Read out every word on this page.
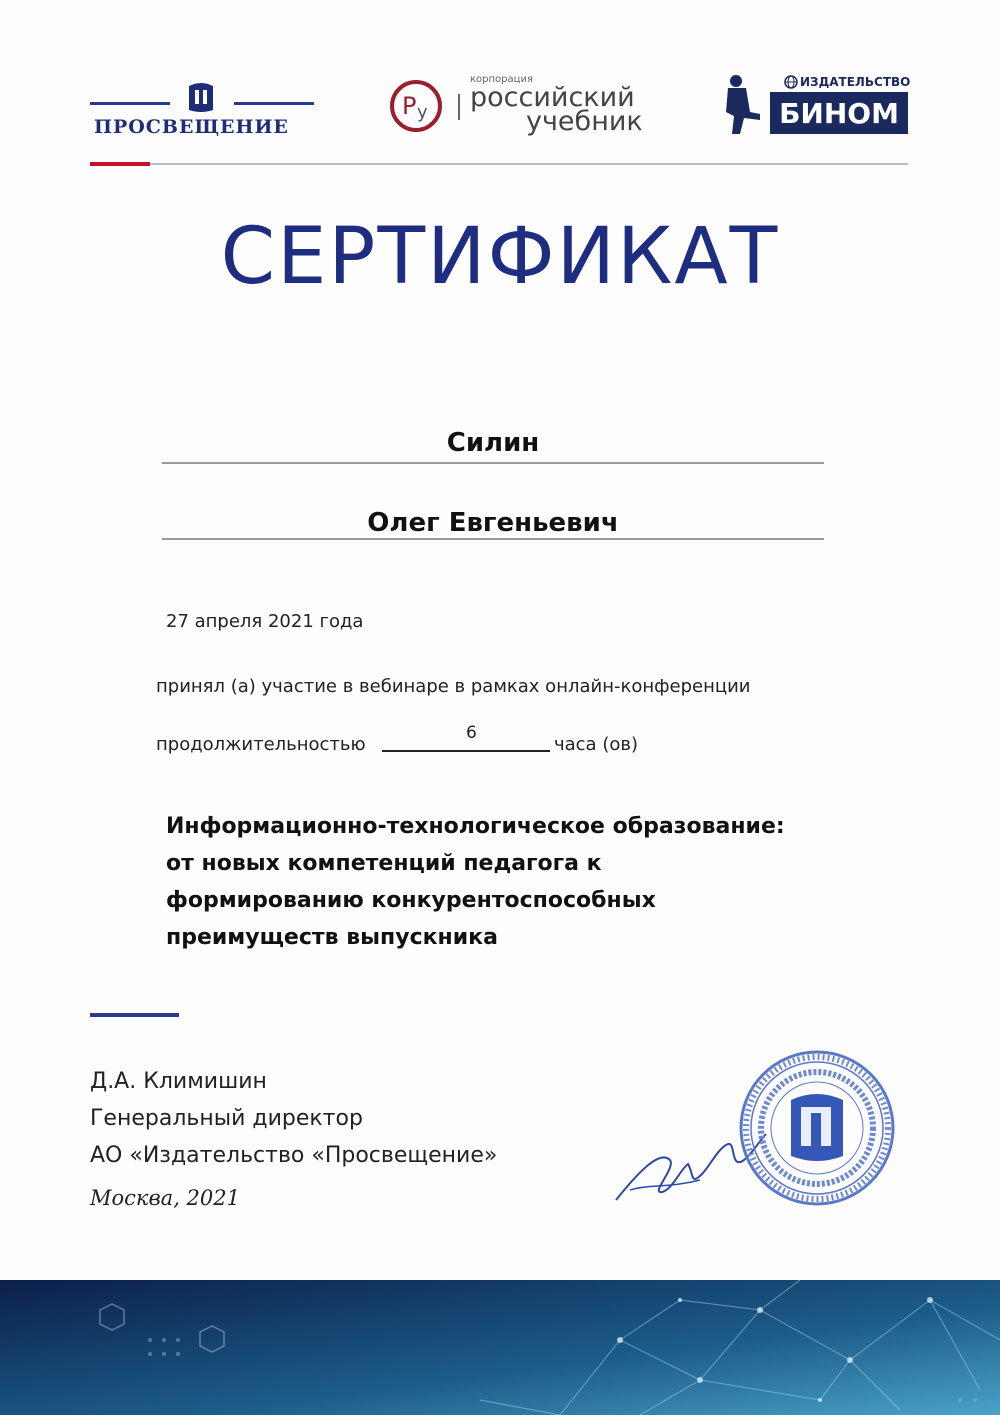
ПРОСВЕЩЕНИЕ
Р у
корпорация
российский
учебник
ИЗДАТЕЛЬСТВО
БИНОМ
СЕРТИФИКАТ
Силин
Олег Евгеньевич
27 апреля 2021 года
принял (а) участие в вебинаре в рамках онлайн-конференции
продолжительностью
6
часа (ов)
Информационно-технологическое образование:
от новых компетенций педагога к
формированию конкурентоспособных
преимуществ выпускника
Д.А. Климишин
Генеральный директор
АО «Издательство «Просвещение»
Москва, 2021
